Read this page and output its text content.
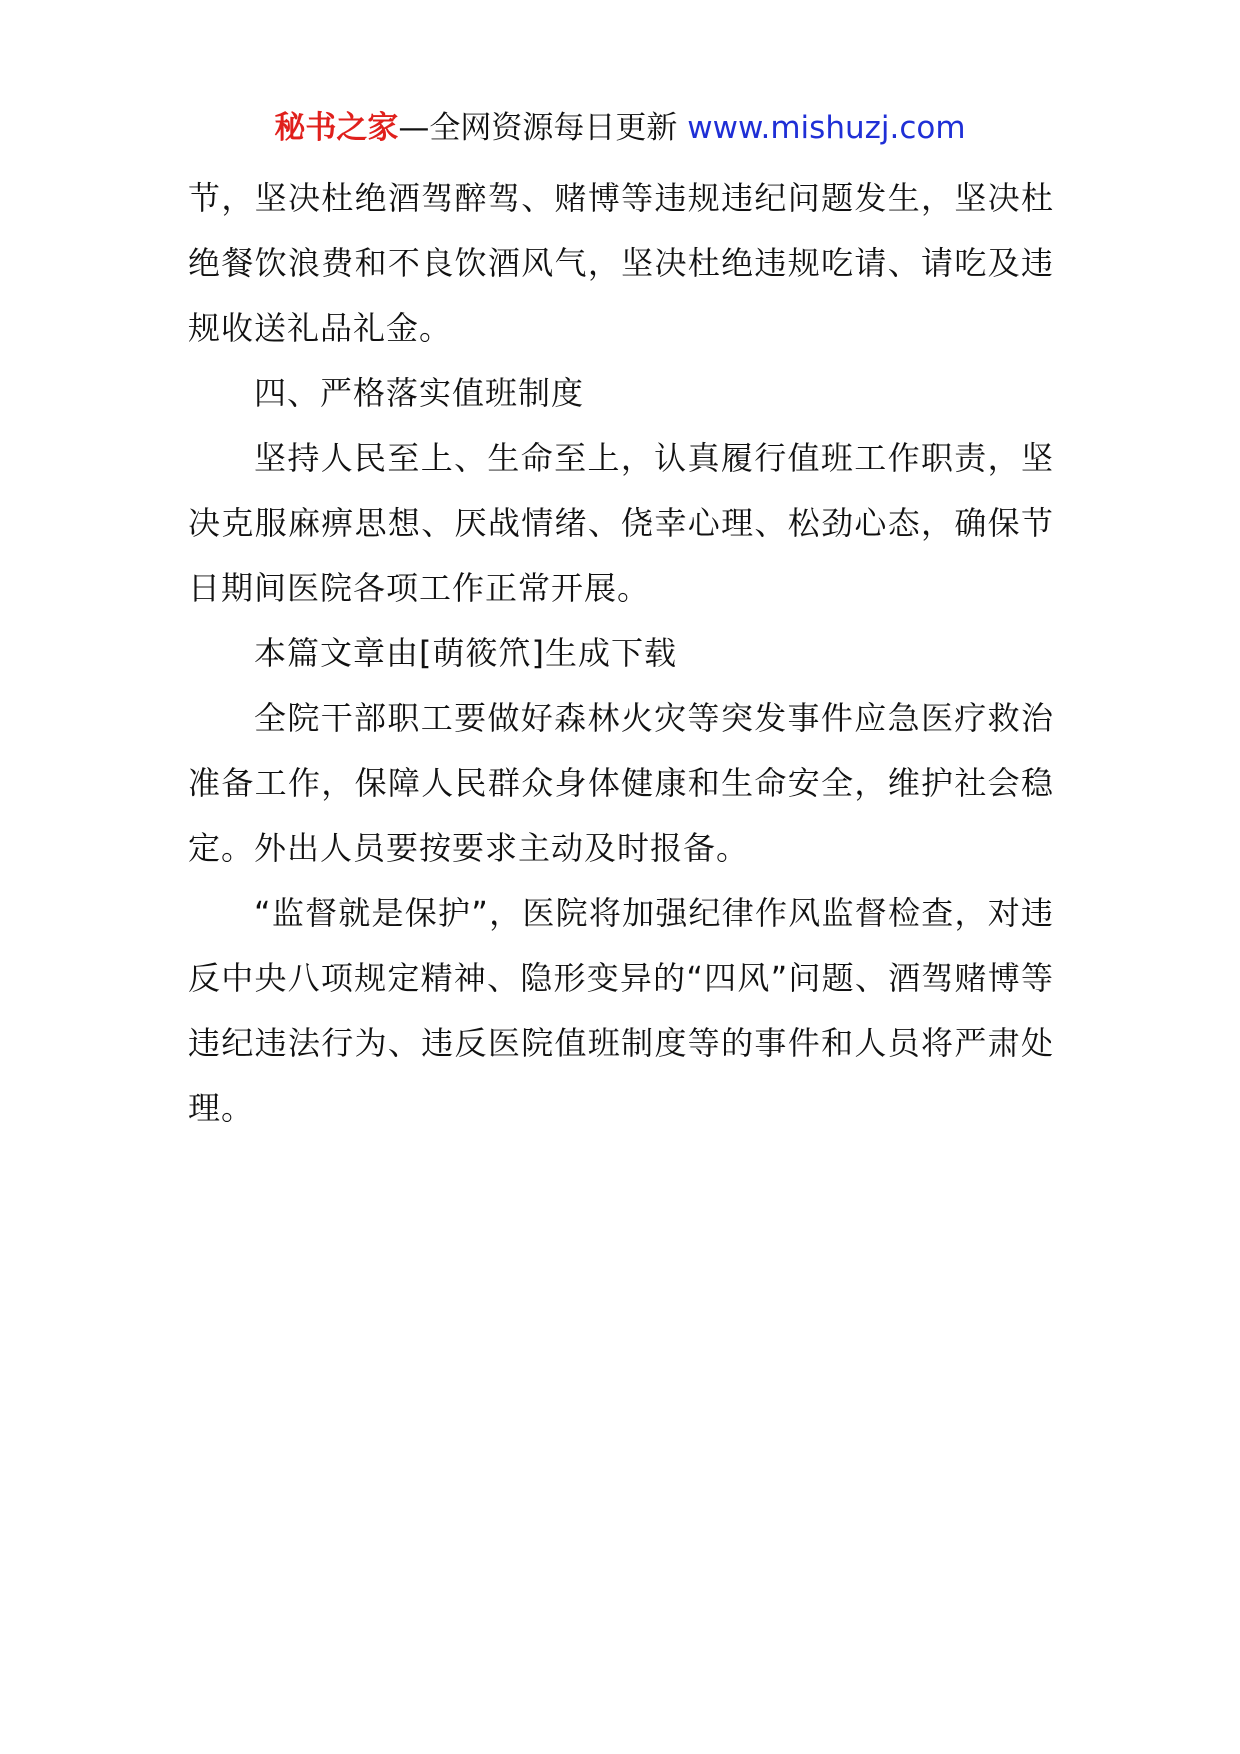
秘书之家—全网资源每日更新 www.mishuzj.com

节，坚决杜绝酒驾醉驾、赌博等违规违纪问题发生，坚决杜绝餐饮浪费和不良饮酒风气，坚决杜绝违规吃请、请吃及违规收送礼品礼金。

四、严格落实值班制度

坚持人民至上、生命至上，认真履行值班工作职责，坚决克服麻痹思想、厌战情绪、侥幸心理、松劲心态，确保节日期间医院各项工作正常开展。

本篇文章由[萌筱笊]生成下载

全院干部职工要做好森林火灾等突发事件应急医疗救治准备工作，保障人民群众身体健康和生命安全，维护社会稳定。外出人员要按要求主动及时报备。

“监督就是保护”，医院将加强纪律作风监督检查，对违反中央八项规定精神、隐形变异的“四风”问题、酒驾赌博等违纪违法行为、违反医院值班制度等的事件和人员将严肃处理。
